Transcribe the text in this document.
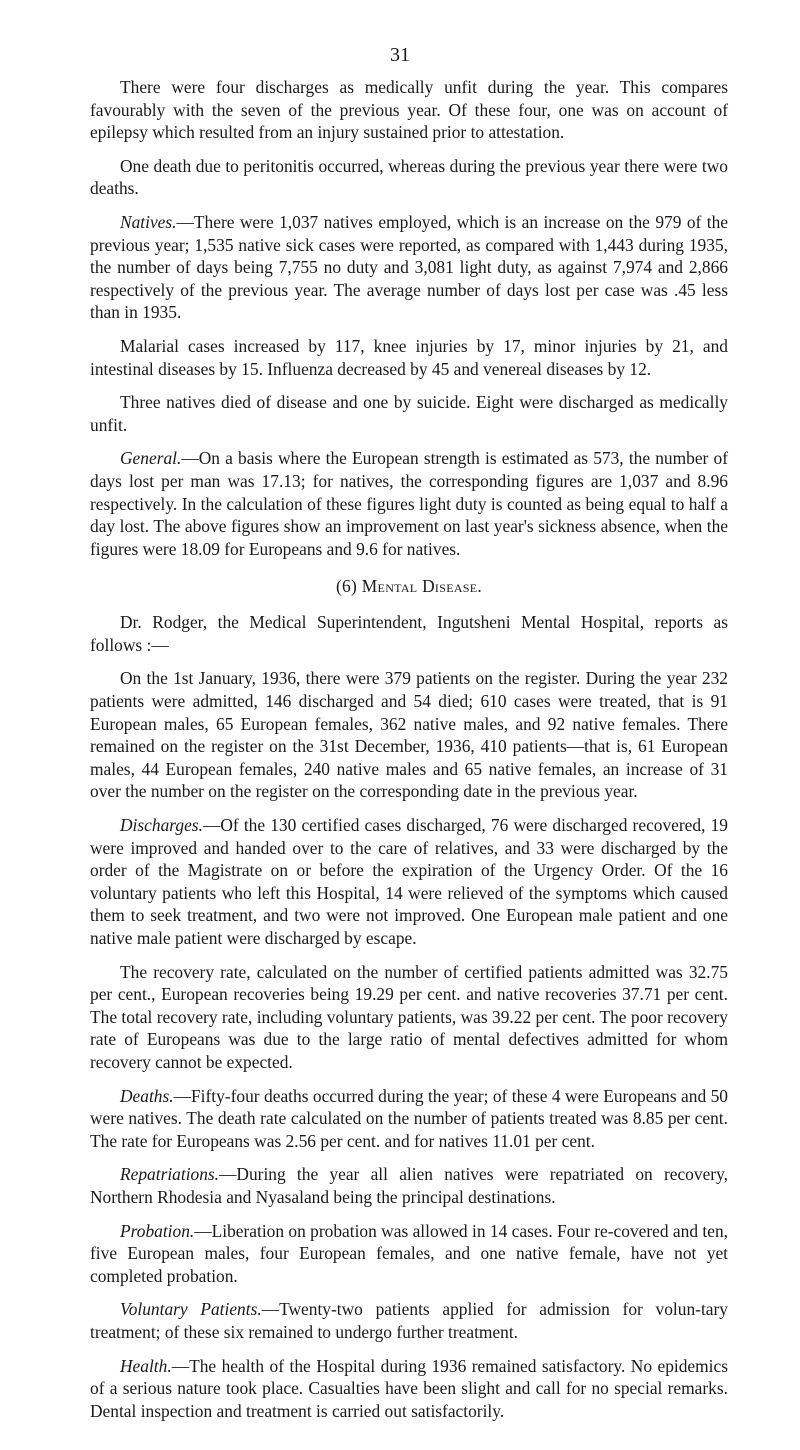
31

There were four discharges as medically unfit during the year. This compares favourably with the seven of the previous year. Of these four, one was on account of epilepsy which resulted from an injury sustained prior to attestation.

One death due to peritonitis occurred, whereas during the previous year there were two deaths.

Natives.—There were 1,037 natives employed, which is an increase on the 979 of the previous year; 1,535 native sick cases were reported, as compared with 1,443 during 1935, the number of days being 7,755 no duty and 3,081 light duty, as against 7,974 and 2,866 respectively of the previous year. The average number of days lost per case was .45 less than in 1935.

Malarial cases increased by 117, knee injuries by 17, minor injuries by 21, and intestinal diseases by 15. Influenza decreased by 45 and venereal diseases by 12.

Three natives died of disease and one by suicide. Eight were discharged as medically unfit.

General.—On a basis where the European strength is estimated as 573, the number of days lost per man was 17.13; for natives, the corresponding figures are 1,037 and 8.96 respectively. In the calculation of these figures light duty is counted as being equal to half a day lost. The above figures show an improvement on last year's sickness absence, when the figures were 18.09 for Europeans and 9.6 for natives.

(6) Mental Disease.

Dr. Rodger, the Medical Superintendent, Ingutsheni Mental Hospital, reports as follows :—

On the 1st January, 1936, there were 379 patients on the register. During the year 232 patients were admitted, 146 discharged and 54 died; 610 cases were treated, that is 91 European males, 65 European females, 362 native males, and 92 native females. There remained on the register on the 31st December, 1936, 410 patients—that is, 61 European males, 44 European females, 240 native males and 65 native females, an increase of 31 over the number on the register on the corresponding date in the previous year.

Discharges.—Of the 130 certified cases discharged, 76 were discharged recovered, 19 were improved and handed over to the care of relatives, and 33 were discharged by the order of the Magistrate on or before the expiration of the Urgency Order. Of the 16 voluntary patients who left this Hospital, 14 were relieved of the symptoms which caused them to seek treatment, and two were not improved. One European male patient and one native male patient were discharged by escape.

The recovery rate, calculated on the number of certified patients admitted was 32.75 per cent., European recoveries being 19.29 per cent. and native recoveries 37.71 per cent. The total recovery rate, including voluntary patients, was 39.22 per cent. The poor recovery rate of Europeans was due to the large ratio of mental defectives admitted for whom recovery cannot be expected.

Deaths.—Fifty-four deaths occurred during the year; of these 4 were Europeans and 50 were natives. The death rate calculated on the number of patients treated was 8.85 per cent. The rate for Europeans was 2.56 per cent. and for natives 11.01 per cent.

Repatriations.—During the year all alien natives were repatriated on recovery, Northern Rhodesia and Nyasaland being the principal destinations.

Probation.—Liberation on probation was allowed in 14 cases. Four re-covered and ten, five European males, four European females, and one native female, have not yet completed probation.

Voluntary Patients.—Twenty-two patients applied for admission for volun-tary treatment; of these six remained to undergo further treatment.

Health.—The health of the Hospital during 1936 remained satisfactory. No epidemics of a serious nature took place. Casualties have been slight and call for no special remarks. Dental inspection and treatment is carried out satisfactorily.
